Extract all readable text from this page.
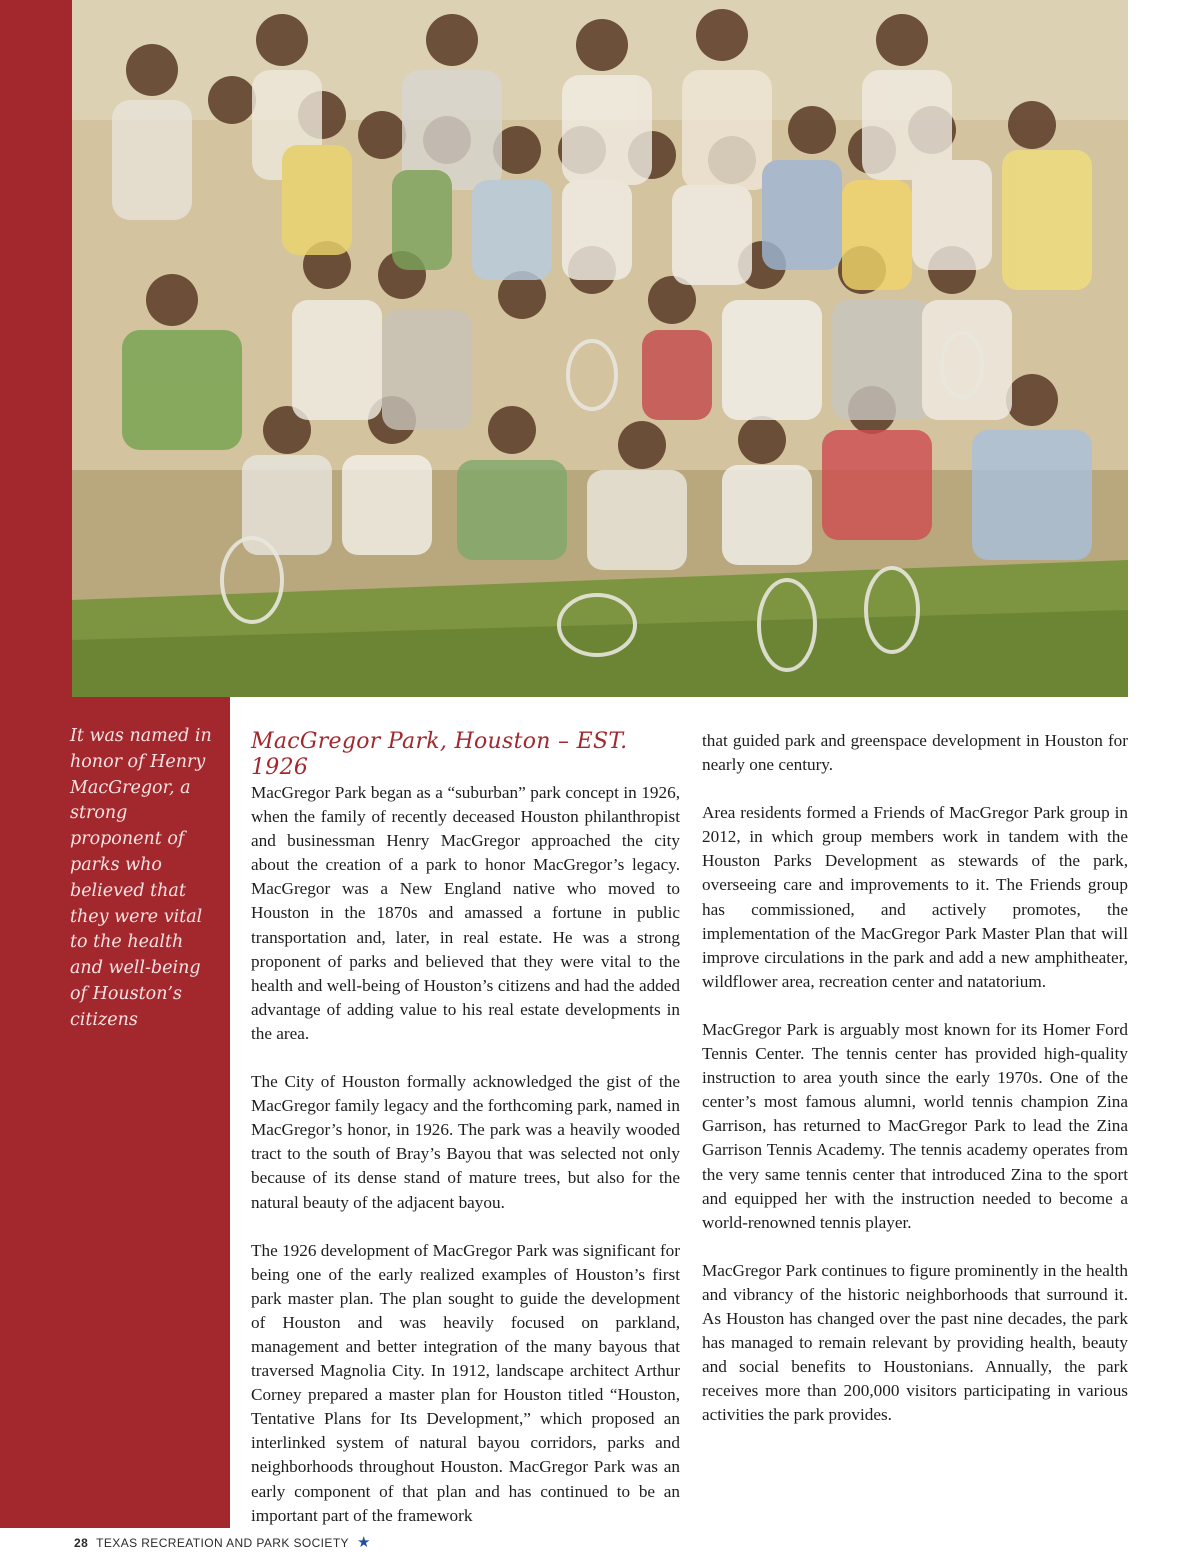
It was named in honor of Henry MacGregor, a strong proponent of parks who believed that they were vital to the health and well-being of Houston’s citizens
MacGregor Park, Houston – EST. 1926

MacGregor Park began as a “suburban” park concept in 1926, when the family of recently deceased Houston philanthropist and businessman Henry MacGregor approached the city about the creation of a park to honor MacGregor’s legacy. MacGregor was a New England native who moved to Houston in the 1870s and amassed a fortune in public transportation and, later, in real estate. He was a strong proponent of parks and believed that they were vital to the health and well-being of Houston’s citizens and had the added advantage of adding value to his real estate developments in the area.

The City of Houston formally acknowledged the gist of the MacGregor family legacy and the forthcoming park, named in MacGregor’s honor, in 1926. The park was a heavily wooded tract to the south of Bray’s Bayou that was selected not only because of its dense stand of mature trees, but also for the natural beauty of the adjacent bayou.

The 1926 development of MacGregor Park was significant for being one of the early realized examples of Houston’s first park master plan. The plan sought to guide the development of Houston and was heavily focused on parkland, management and better integration of the many bayous that traversed Magnolia City. In 1912, landscape architect Arthur Corney prepared a master plan for Houston titled “Houston, Tentative Plans for Its Development,” which proposed an interlinked system of natural bayou corridors, parks and neighborhoods throughout Houston. MacGregor Park was an early component of that plan and has continued to be an important part of the framework

that guided park and greenspace development in Houston for nearly one century.

Area residents formed a Friends of MacGregor Park group in 2012, in which group members work in tandem with the Houston Parks Development as stewards of the park, overseeing care and improvements to it. The Friends group has commissioned, and actively promotes, the implementation of the MacGregor Park Master Plan that will improve circulations in the park and add a new amphitheater, wildflower area, recreation center and natatorium.

MacGregor Park is arguably most known for its Homer Ford Tennis Center. The tennis center has provided high-quality instruction to area youth since the early 1970s. One of the center’s most famous alumni, world tennis champion Zina Garrison, has returned to MacGregor Park to lead the Zina Garrison Tennis Academy. The tennis academy operates from the very same tennis center that introduced Zina to the sport and equipped her with the instruction needed to become a world-renowned tennis player.

MacGregor Park continues to figure prominently in the health and vibrancy of the historic neighborhoods that surround it. As Houston has changed over the past nine decades, the park has managed to remain relevant by providing health, beauty and social benefits to Houstonians. Annually, the park receives more than 200,000 visitors participating in various activities the park provides.

28 TEXAS RECREATION AND PARK SOCIETY ★
